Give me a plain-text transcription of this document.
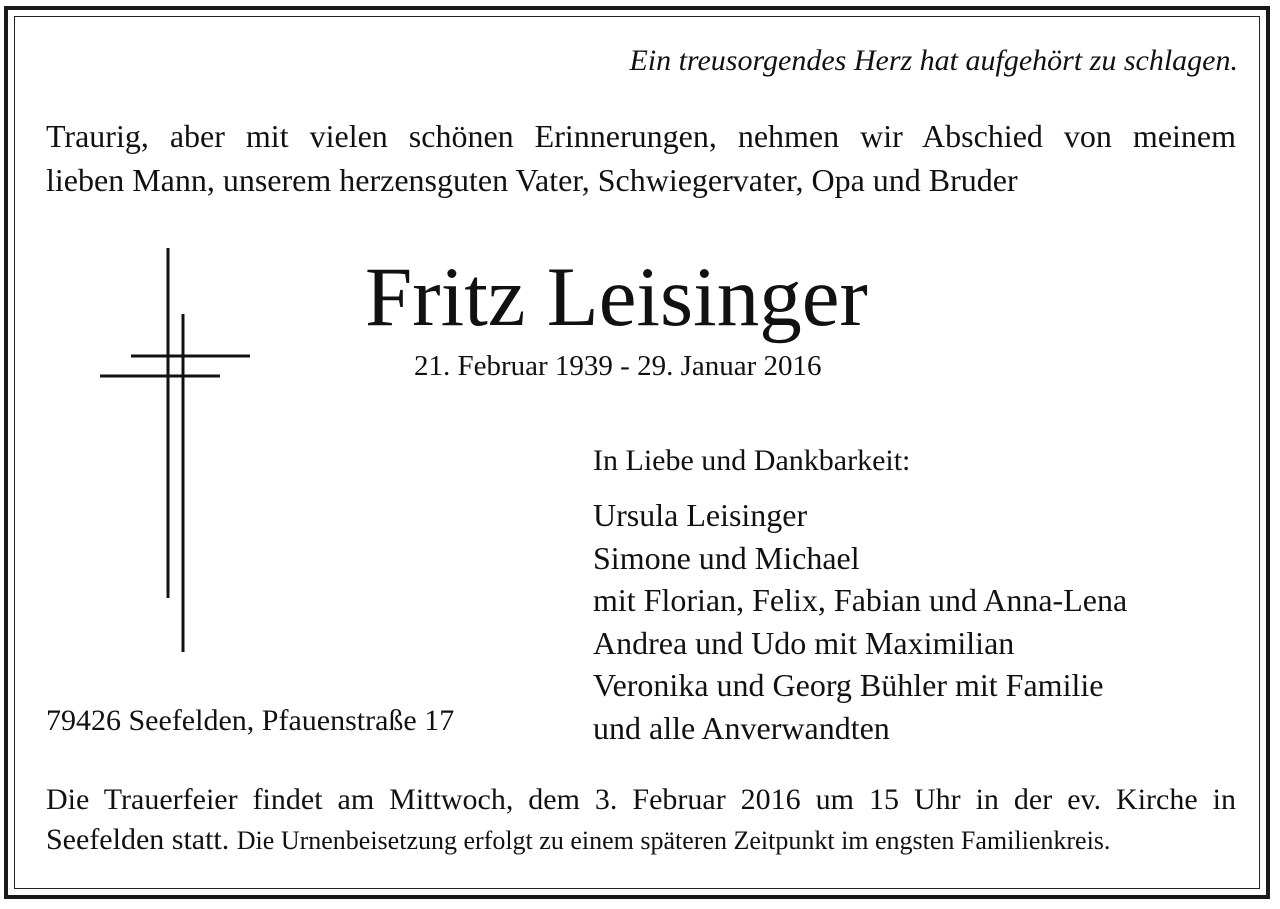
Ein treusorgendes Herz hat aufgehört zu schlagen.
Traurig, aber mit vielen schönen Erinnerungen, nehmen wir Abschied von meinem
lieben Mann, unserem herzensguten Vater, Schwiegervater, Opa und Bruder
Fritz Leisinger
21. Februar 1939 - 29. Januar 2016
In Liebe und Dankbarkeit:
Ursula Leisinger
Simone und Michael
mit Florian, Felix, Fabian und Anna-Lena
Andrea und Udo mit Maximilian
Veronika und Georg Bühler mit Familie
und alle Anverwandten
79426 Seefelden, Pfauenstraße 17
Die Trauerfeier findet am Mittwoch, dem 3. Februar 2016 um 15 Uhr in der ev. Kirche in
Seefelden statt. Die Urnenbeisetzung erfolgt zu einem späteren Zeitpunkt im engsten Familienkreis.
